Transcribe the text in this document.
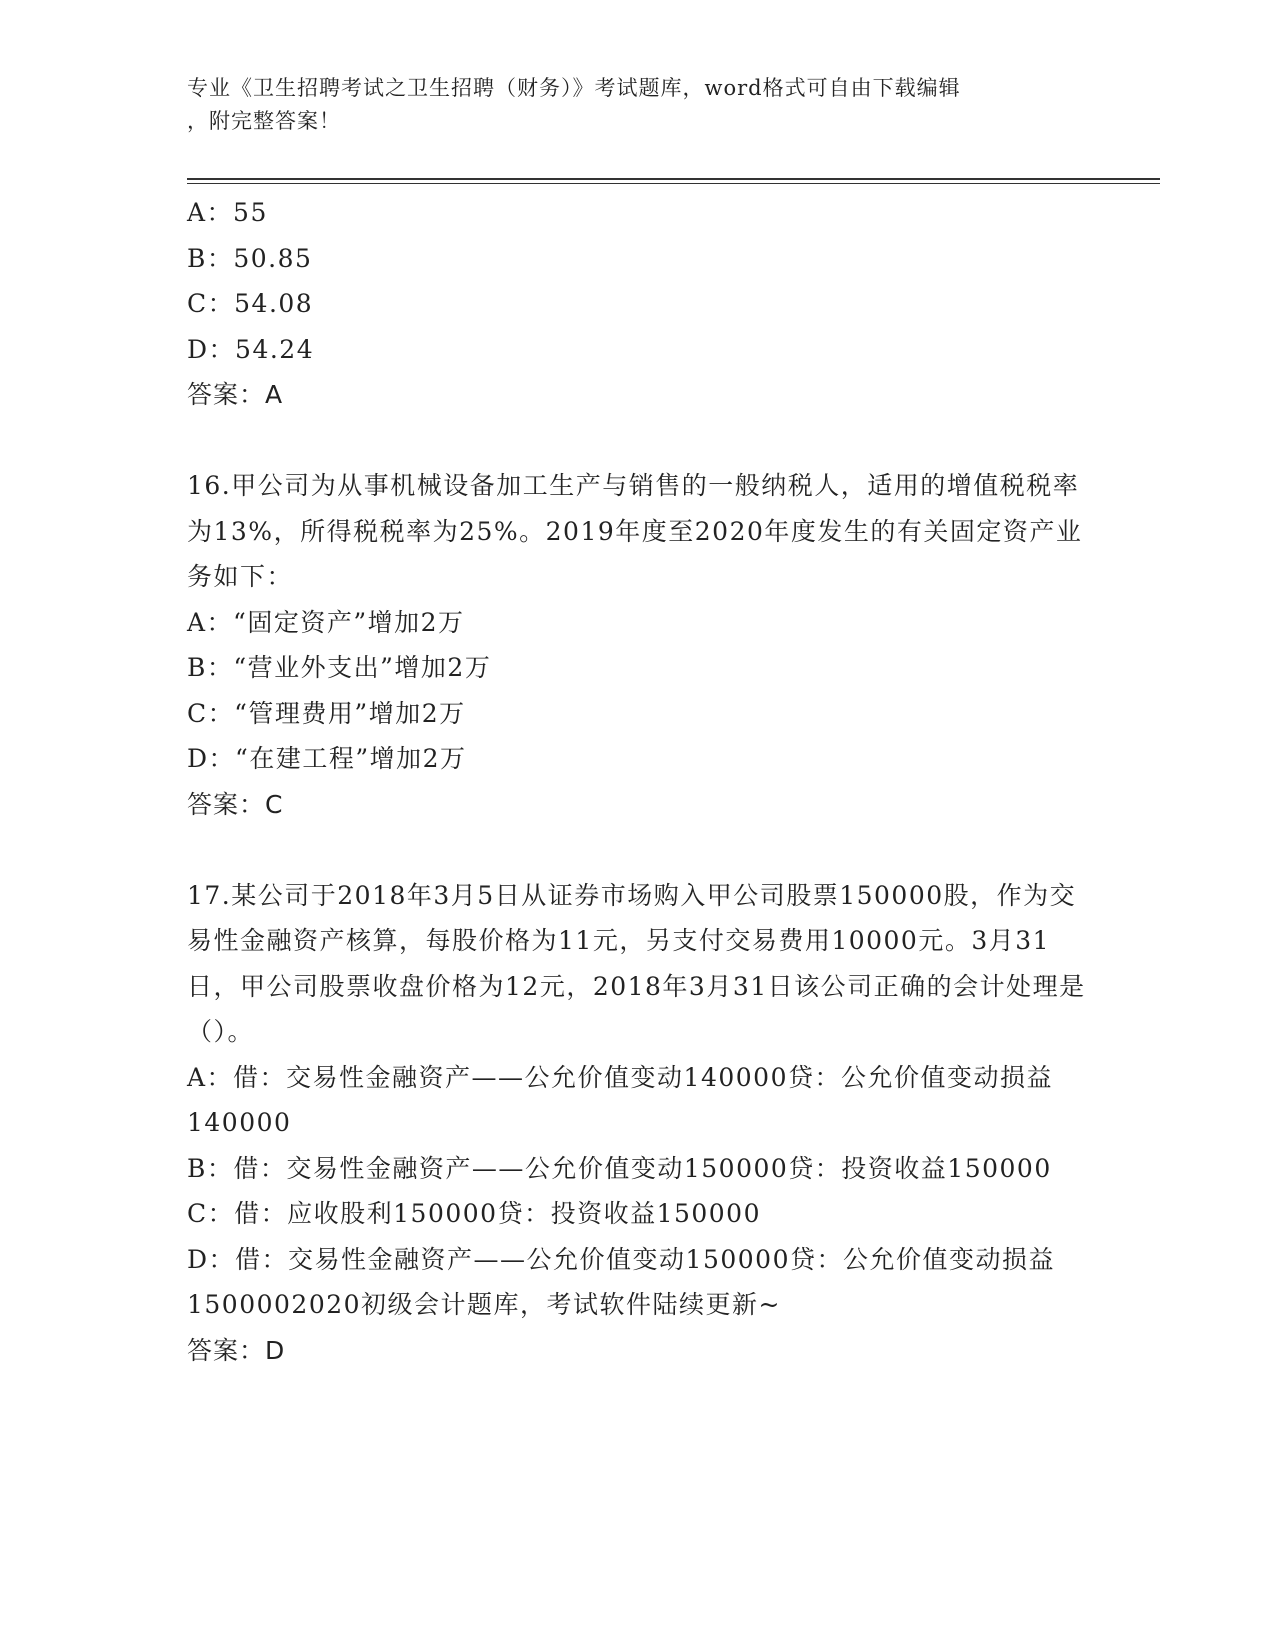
专业《卫生招聘考试之卫生招聘（财务）》考试题库，word格式可自由下载编辑
，附完整答案！
A：55
B：50.85
C：54.08
D：54.24
答案：A
16.甲公司为从事机械设备加工生产与销售的一般纳税人，适用的增值税税率为13%，所得税税率为25%。2019年度至2020年度发生的有关固定资产业务如下：
A：“固定资产”增加2万
B：“营业外支出”增加2万
C：“管理费用”增加2万
D：“在建工程”增加2万
答案：C
17.某公司于2018年3月5日从证券市场购入甲公司股票150000股，作为交易性金融资产核算，每股价格为11元，另支付交易费用10000元。3月31日，甲公司股票收盘价格为12元，2018年3月31日该公司正确的会计处理是（）。
A：借：交易性金融资产——公允价值变动140000贷：公允价值变动损益140000
B：借：交易性金融资产——公允价值变动150000贷：投资收益150000
C：借：应收股利150000贷：投资收益150000
D：借：交易性金融资产——公允价值变动150000贷：公允价值变动损益1500002020初级会计题库，考试软件陆续更新~
答案：D
